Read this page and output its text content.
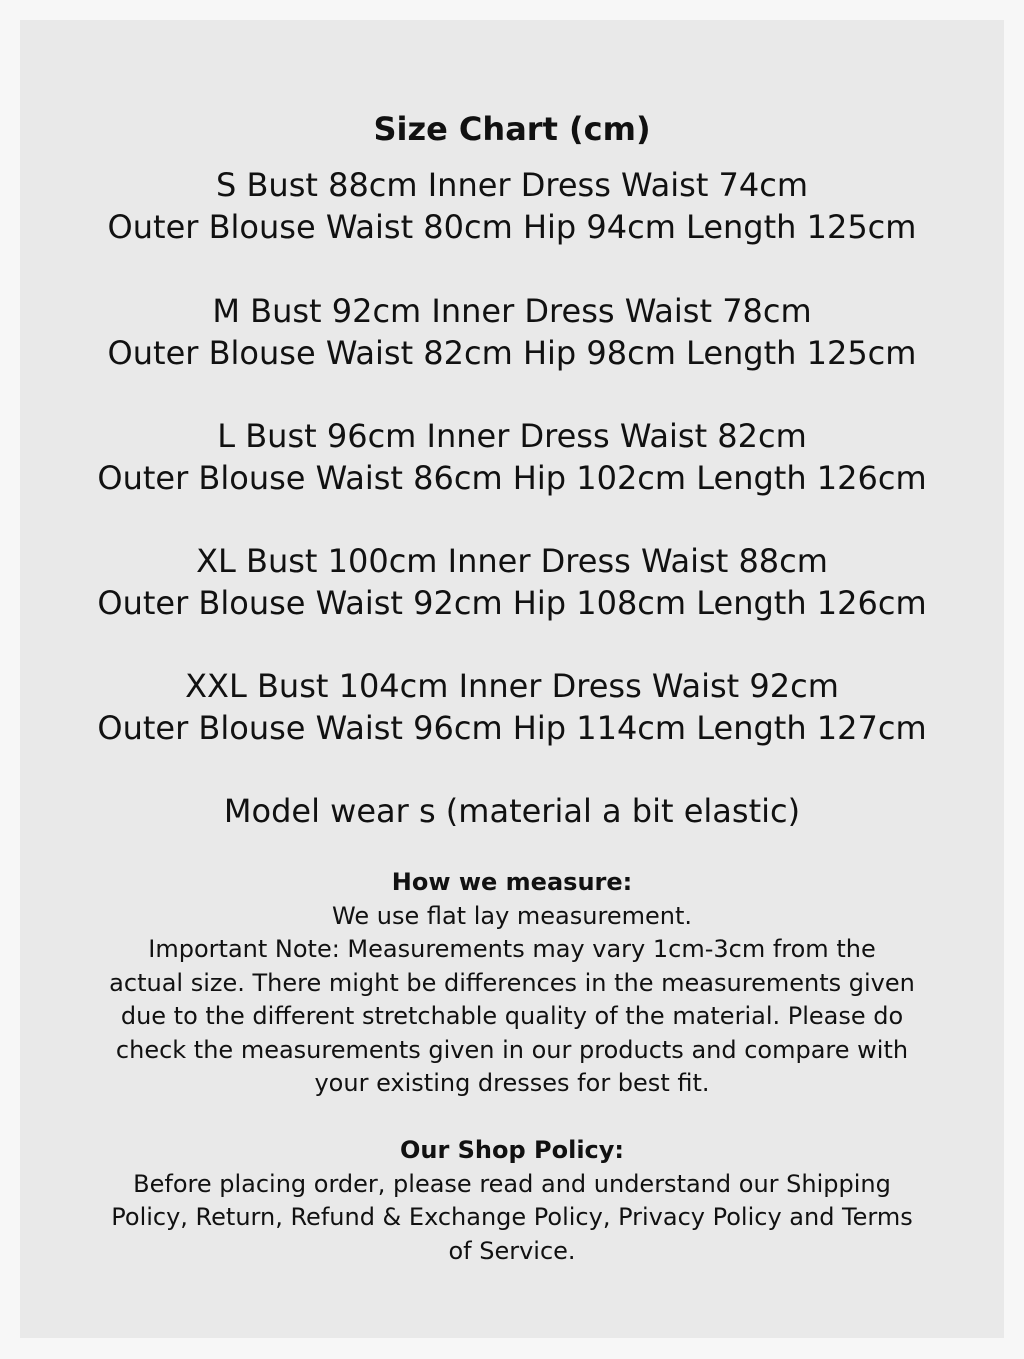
Size Chart (cm)
S Bust 88cm Inner Dress Waist 74cm
Outer Blouse Waist 80cm Hip 94cm Length 125cm
M Bust 92cm Inner Dress Waist 78cm
Outer Blouse Waist 82cm Hip 98cm Length 125cm
L Bust 96cm Inner Dress Waist 82cm
Outer Blouse Waist 86cm Hip 102cm Length 126cm
XL Bust 100cm Inner Dress Waist 88cm
Outer Blouse Waist 92cm Hip 108cm Length 126cm
XXL Bust 104cm Inner Dress Waist 92cm
Outer Blouse Waist 96cm Hip 114cm Length 127cm
Model wear s (material a bit elastic)
How we measure:
We use flat lay measurement.
Important Note: Measurements may vary 1cm-3cm from the
actual size. There might be differences in the measurements given
due to the different stretchable quality of the material. Please do
check the measurements given in our products and compare with
your existing dresses for best fit.
Our Shop Policy:
Before placing order, please read and understand our Shipping
Policy, Return, Refund & Exchange Policy, Privacy Policy and Terms
of Service.
